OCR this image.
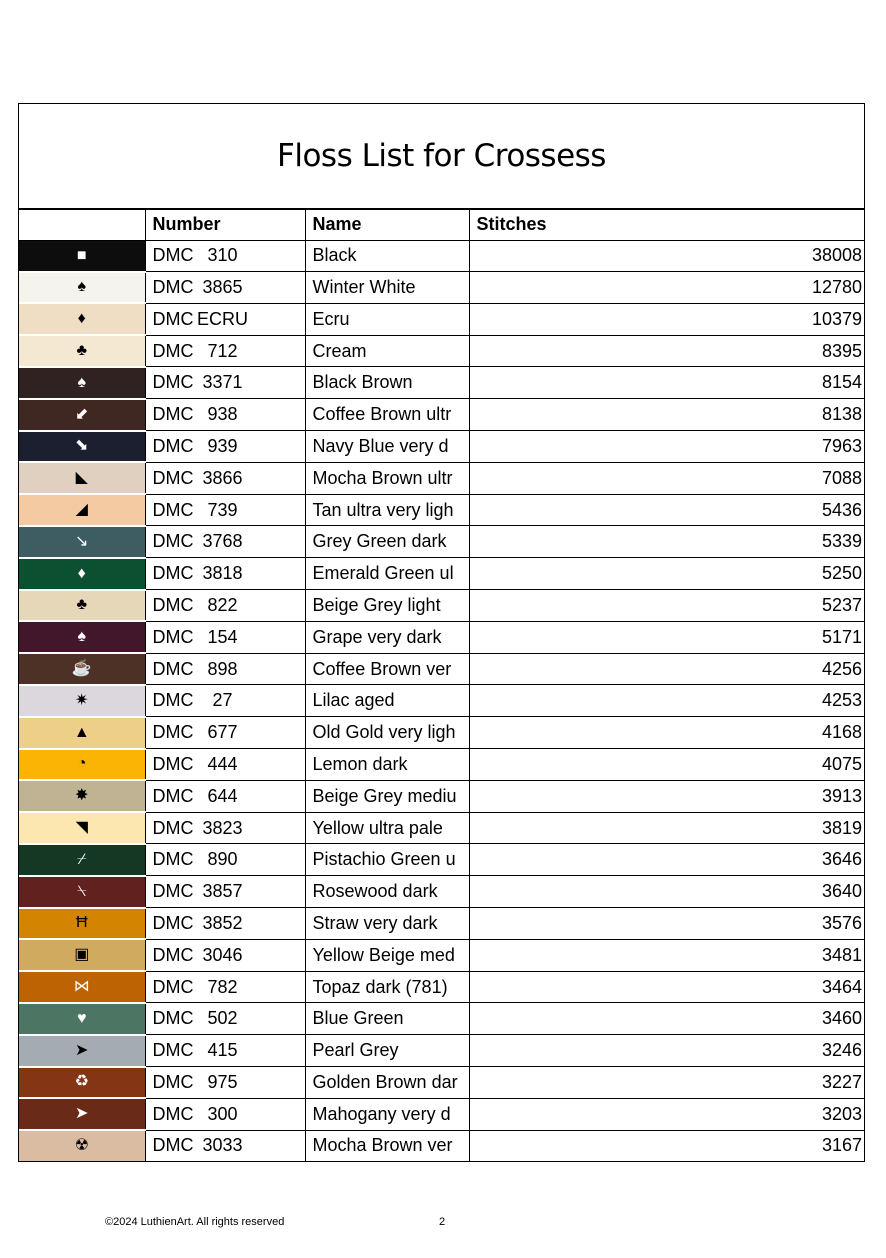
Floss List for Crossess
	Number	Name	Stitches
■	DMC 310	Black	38008
♠	DMC 3865	Winter White	12780
♦	DMC ECRU	Ecru	10379
♣	DMC 712	Cream	8395
♠	DMC 3371	Black Brown	8154
⬋	DMC 938	Coffee Brown ultr	8138
⬊	DMC 939	Navy Blue very d	7963
◣	DMC 3866	Mocha Brown ultr	7088
◢	DMC 739	Tan ultra very ligh	5436
↘	DMC 3768	Grey Green dark	5339
♦	DMC 3818	Emerald Green ul	5250
♣	DMC 822	Beige Grey light	5237
♠	DMC 154	Grape very dark	5171
☕	DMC 898	Coffee Brown ver	4256
✷	DMC 27	Lilac aged	4253
▲	DMC 677	Old Gold very ligh	4168
◔	DMC 444	Lemon dark	4075
✸	DMC 644	Beige Grey mediu	3913
◥	DMC 3823	Yellow ultra pale	3819
⌿	DMC 890	Pistachio Green u	3646
⍀	DMC 3857	Rosewood dark	3640
Ħ	DMC 3852	Straw very dark	3576
▣	DMC 3046	Yellow Beige med	3481
⋈	DMC 782	Topaz dark (781)	3464
♥	DMC 502	Blue Green	3460
➤	DMC 415	Pearl Grey	3246
♻	DMC 975	Golden Brown dar	3227
➤	DMC 300	Mahogany very d	3203
☢	DMC 3033	Mocha Brown ver	3167
©2024 LuthienArt. All rights reserved	2
